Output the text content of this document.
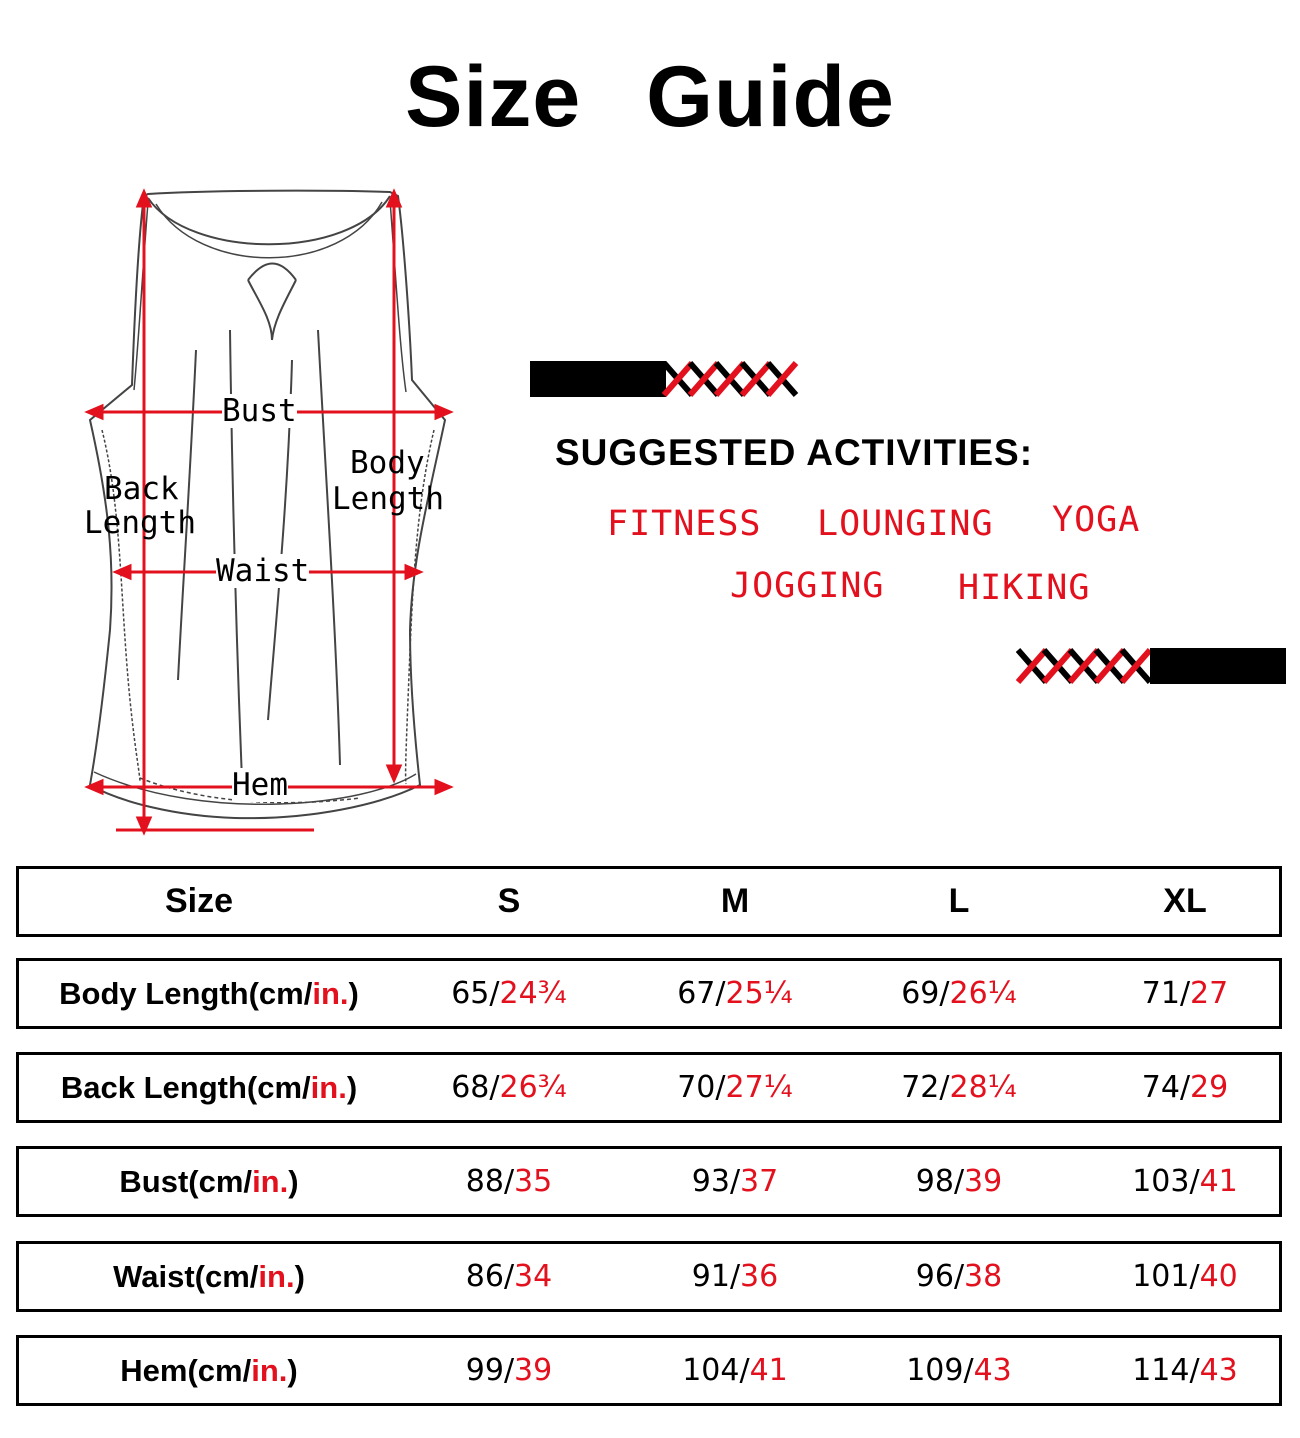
Size Guide
Bust
Body
Length
Back
Length
Waist
Hem
SUGGESTED ACTIVITIES:
FITNESS LOUNGING YOGA
JOGGING HIKING
Size	S	M	L	XL
Body Length(cm/ in. )	65/ 24¾	67/ 25¼	69/ 26¼	71/ 27
Back Length(cm/ in. )	68/ 26¾	70/ 27¼	72/ 28¼	74/ 29
Bust(cm/ in. )	88/ 35	93/ 37	98/ 39	103/ 41
Waist(cm/ in. )	86/ 34	91/ 36	96/ 38	101/ 40
Hem(cm/ in. )	99/ 39	104/ 41	109/ 43	114/ 43
